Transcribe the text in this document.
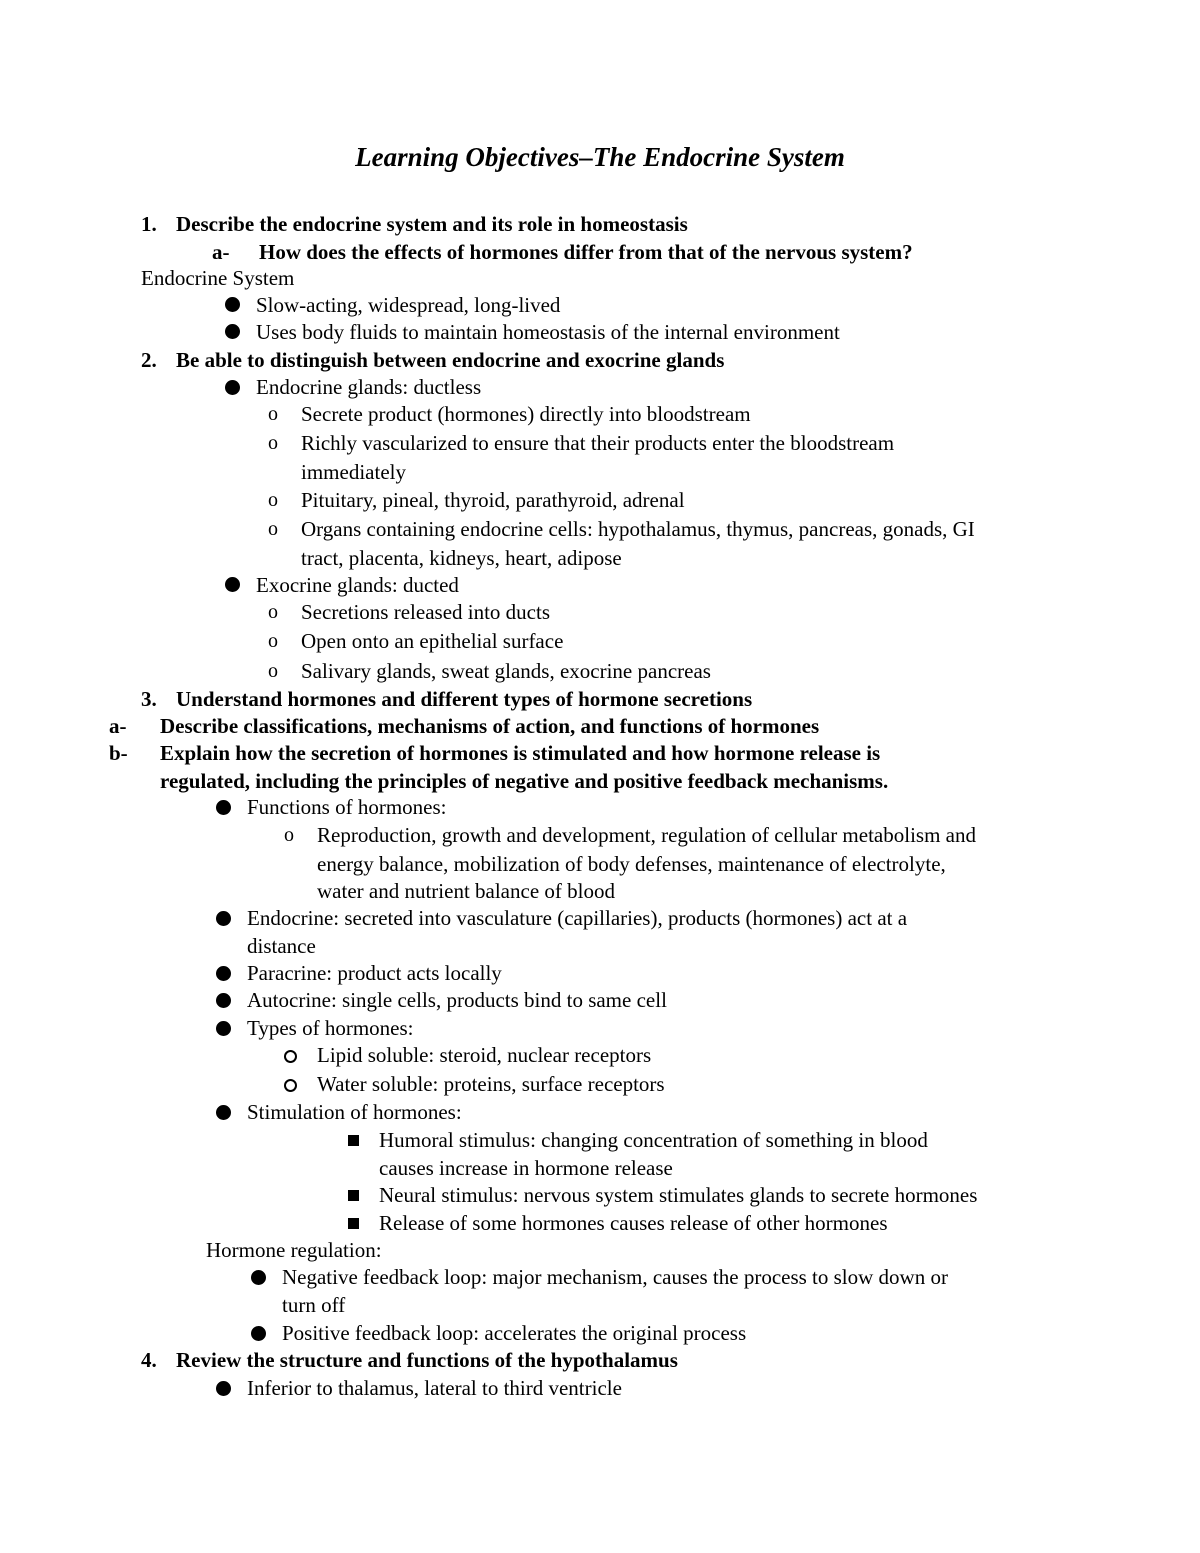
Learning Objectives–The Endocrine System
1. Describe the endocrine system and its role in homeostasis
a- How does the effects of hormones differ from that of the nervous system?
Endocrine System
Slow-acting, widespread, long-lived
Uses body fluids to maintain homeostasis of the internal environment
2. Be able to distinguish between endocrine and exocrine glands
Endocrine glands: ductless
o Secrete product (hormones) directly into bloodstream
o Richly vascularized to ensure that their products enter the bloodstream
immediately
o Pituitary, pineal, thyroid, parathyroid, adrenal
o Organs containing endocrine cells: hypothalamus, thymus, pancreas, gonads, GI
tract, placenta, kidneys, heart, adipose
Exocrine glands: ducted
o Secretions released into ducts
o Open onto an epithelial surface
o Salivary glands, sweat glands, exocrine pancreas
3. Understand hormones and different types of hormone secretions
a- Describe classifications, mechanisms of action, and functions of hormones
b- Explain how the secretion of hormones is stimulated and how hormone release is
regulated, including the principles of negative and positive feedback mechanisms.
Functions of hormones:
o Reproduction, growth and development, regulation of cellular metabolism and
energy balance, mobilization of body defenses, maintenance of electrolyte,
water and nutrient balance of blood
Endocrine: secreted into vasculature (capillaries), products (hormones) act at a
distance
Paracrine: product acts locally
Autocrine: single cells, products bind to same cell
Types of hormones:
Lipid soluble: steroid, nuclear receptors
Water soluble: proteins, surface receptors
Stimulation of hormones:
Humoral stimulus: changing concentration of something in blood
causes increase in hormone release
Neural stimulus: nervous system stimulates glands to secrete hormones
Release of some hormones causes release of other hormones
Hormone regulation:
Negative feedback loop: major mechanism, causes the process to slow down or
turn off
Positive feedback loop: accelerates the original process
4. Review the structure and functions of the hypothalamus
Inferior to thalamus, lateral to third ventricle
